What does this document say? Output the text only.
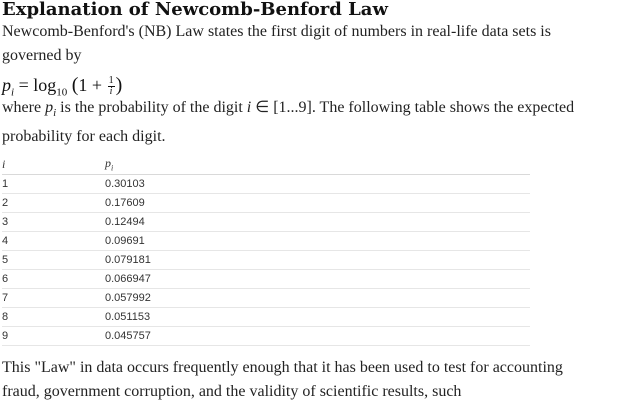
Explanation of Newcomb-Benford Law
Newcomb-Benford's (NB) Law states the first digit of numbers in real-life data sets is governed by
$p_i = \log_{10} (1 + \frac{1}{i}$ )
where $p_i$ is the probability of the digit i ∈ [1...9]. The following table shows the expected probability for each digit.
i	$p_i$
1	0.30103
2	0.17609
3	0.12494
4	0.09691
5	0.079181
6	0.066947
7	0.057992
8	0.051153
9	0.045757
This "Law" in data occurs frequently enough that it has been used to test for accounting fraud, government corruption, and the validity of scientific results, such
